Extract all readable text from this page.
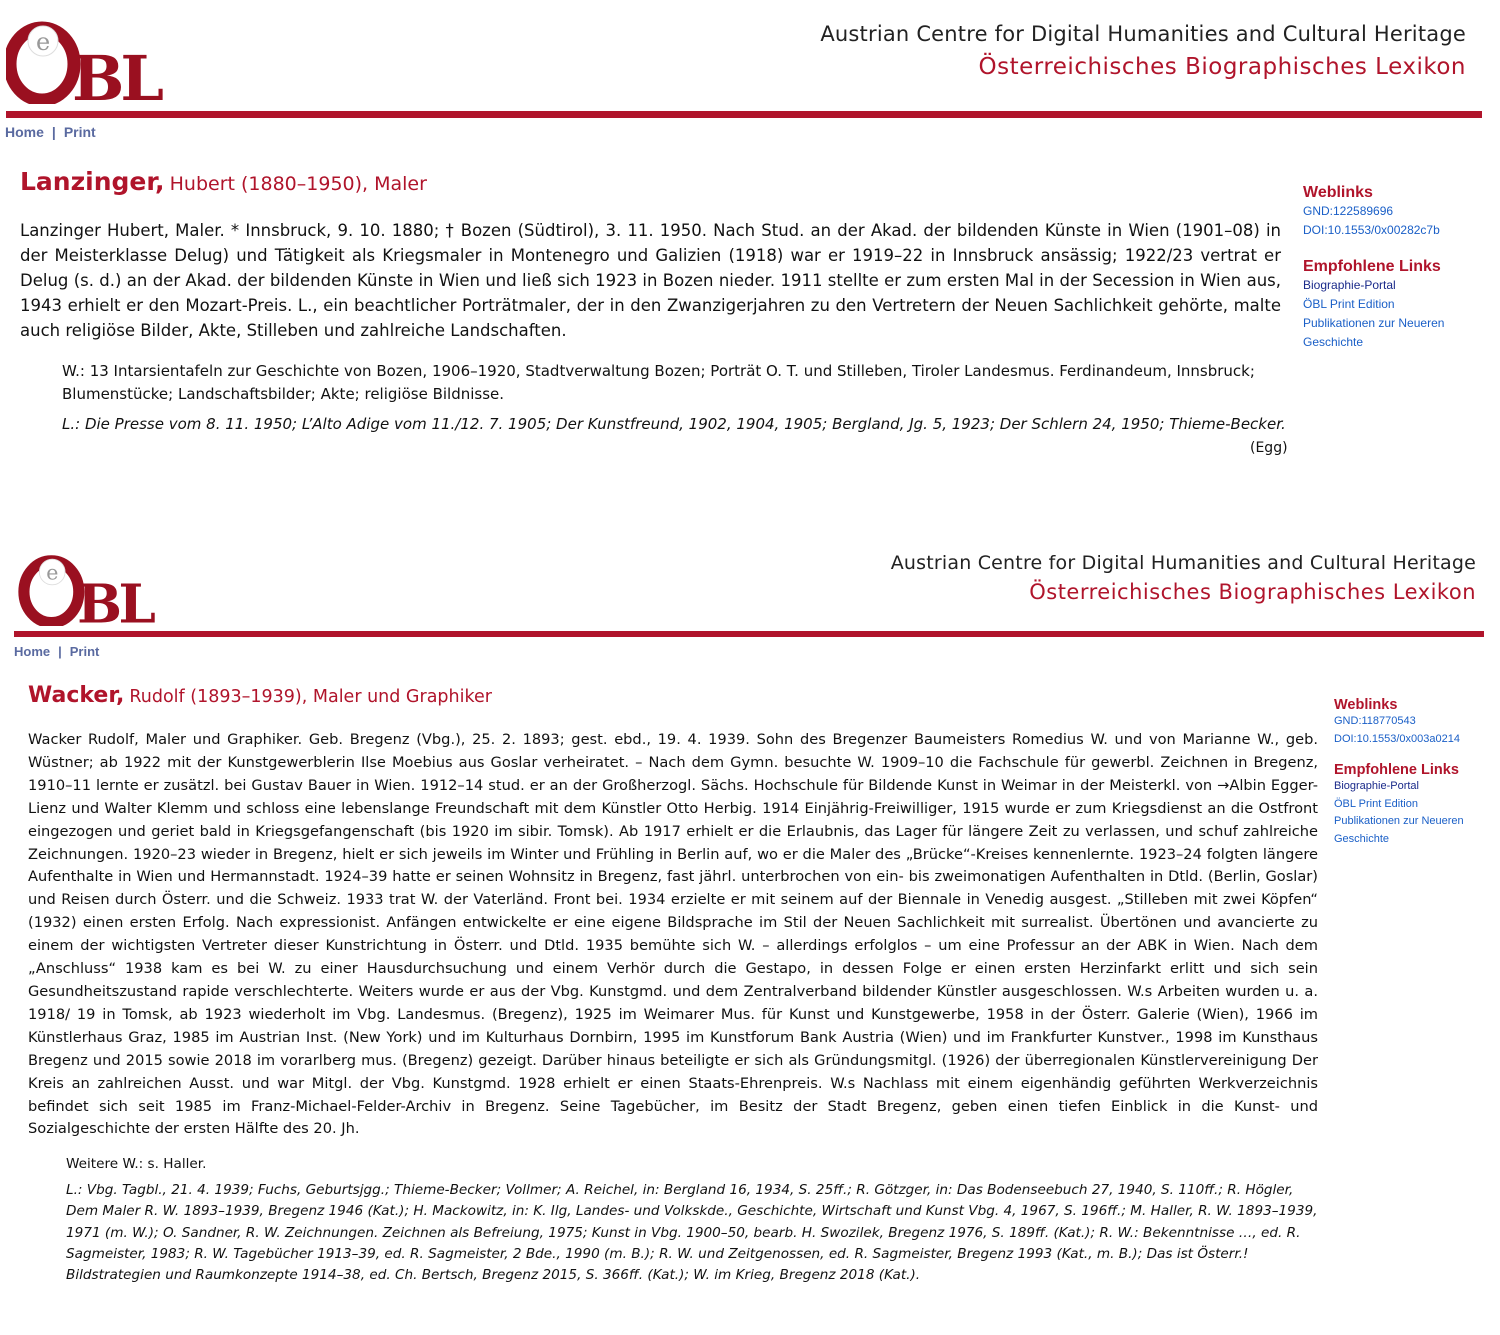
e BL
Austrian Centre for Digital Humanities and Cultural Heritage
Österreichisches Biographisches Lexikon
Home | Print
Lanzinger, Hubert (1880–1950), Maler
Lanzinger Hubert, Maler. * Innsbruck, 9. 10. 1880; † Bozen (Südtirol), 3. 11. 1950. Nach Stud. an der Akad. der bildenden Künste in Wien (1901–08) in der Meisterklasse Delug) und Tätigkeit als Kriegsmaler in Montenegro und Galizien (1918) war er 1919–22 in Innsbruck ansässig; 1922/23 vertrat er Delug (s. d.) an der Akad. der bildenden Künste in Wien und ließ sich 1923 in Bozen nieder. 1911 stellte er zum ersten Mal in der Secession in Wien aus, 1943 erhielt er den Mozart-Preis. L., ein beachtlicher Porträtmaler, der in den Zwanzigerjahren zu den Vertretern der Neuen Sachlichkeit gehörte, malte auch religiöse Bilder, Akte, Stilleben und zahlreiche Landschaften.
W.: 13 Intarsientafeln zur Geschichte von Bozen, 1906–1920, Stadtverwaltung Bozen; Porträt O. T. und Stilleben, Tiroler Landesmus. Ferdinandeum, Innsbruck; Blumenstücke; Landschaftsbilder; Akte; religiöse Bildnisse.
L.: Die Presse vom 8. 11. 1950; L’Alto Adige vom 11./12. 7. 1905; Der Kunstfreund, 1902, 1904, 1905; Bergland, Jg. 5, 1923; Der Schlern 24, 1950; Thieme-Becker.
(Egg)
Weblinks
GND:122589696
DOI:10.1553/0x00282c7b
Empfohlene Links
Biographie-Portal
ÖBL Print Edition
Publikationen zur Neueren Geschichte
e BL
Austrian Centre for Digital Humanities and Cultural Heritage
Österreichisches Biographisches Lexikon
Home | Print
Wacker, Rudolf (1893–1939), Maler und Graphiker
Wacker Rudolf, Maler und Graphiker. Geb. Bregenz (Vbg.), 25. 2. 1893; gest. ebd., 19. 4. 1939. Sohn des Bregenzer Baumeisters Romedius W. und von Marianne W., geb. Wüstner; ab 1922 mit der Kunstgewerblerin Ilse Moebius aus Goslar verheiratet. – Nach dem Gymn. besuchte W. 1909–10 die Fachschule für gewerbl. Zeichnen in Bregenz, 1910–11 lernte er zusätzl. bei Gustav Bauer in Wien. 1912–14 stud. er an der Großherzogl. Sächs. Hochschule für Bildende Kunst in Weimar in der Meisterkl. von →Albin Egger-Lienz und Walter Klemm und schloss eine lebenslange Freundschaft mit dem Künstler Otto Herbig. 1914 Einjährig-Freiwilliger, 1915 wurde er zum Kriegsdienst an die Ostfront eingezogen und geriet bald in Kriegsgefangenschaft (bis 1920 im sibir. Tomsk). Ab 1917 erhielt er die Erlaubnis, das Lager für längere Zeit zu verlassen, und schuf zahlreiche Zeichnungen. 1920–23 wieder in Bregenz, hielt er sich jeweils im Winter und Frühling in Berlin auf, wo er die Maler des „Brücke“-Kreises kennenlernte. 1923–24 folgten längere Aufenthalte in Wien und Hermannstadt. 1924–39 hatte er seinen Wohnsitz in Bregenz, fast jährl. unterbrochen von ein- bis zweimonatigen Aufenthalten in Dtld. (Berlin, Goslar) und Reisen durch Österr. und die Schweiz. 1933 trat W. der Vaterländ. Front bei. 1934 erzielte er mit seinem auf der Biennale in Venedig ausgest. „Stilleben mit zwei Köpfen“ (1932) einen ersten Erfolg. Nach expressionist. Anfängen entwickelte er eine eigene Bildsprache im Stil der Neuen Sachlichkeit mit surrealist. Übertönen und avancierte zu einem der wichtigsten Vertreter dieser Kunstrichtung in Österr. und Dtld. 1935 bemühte sich W. – allerdings erfolglos – um eine Professur an der ABK in Wien. Nach dem „Anschluss“ 1938 kam es bei W. zu einer Hausdurchsuchung und einem Verhör durch die Gestapo, in dessen Folge er einen ersten Herzinfarkt erlitt und sich sein Gesundheitszustand rapide verschlechterte. Weiters wurde er aus der Vbg. Kunstgmd. und dem Zentralverband bildender Künstler ausgeschlossen. W.s Arbeiten wurden u. a. 1918/ 19 in Tomsk, ab 1923 wiederholt im Vbg. Landesmus. (Bregenz), 1925 im Weimarer Mus. für Kunst und Kunstgewerbe, 1958 in der Österr. Galerie (Wien), 1966 im Künstlerhaus Graz, 1985 im Austrian Inst. (New York) und im Kulturhaus Dornbirn, 1995 im Kunstforum Bank Austria (Wien) und im Frankfurter Kunstver., 1998 im Kunsthaus Bregenz und 2015 sowie 2018 im vorarlberg mus. (Bregenz) gezeigt. Darüber hinaus beteiligte er sich als Gründungsmitgl. (1926) der überregionalen Künstlervereinigung Der Kreis an zahlreichen Ausst. und war Mitgl. der Vbg. Kunstgmd. 1928 erhielt er einen Staats-Ehrenpreis. W.s Nachlass mit einem eigenhändig geführten Werkverzeichnis befindet sich seit 1985 im Franz-Michael-Felder-Archiv in Bregenz. Seine Tagebücher, im Besitz der Stadt Bregenz, geben einen tiefen Einblick in die Kunst- und Sozialgeschichte der ersten Hälfte des 20. Jh.
Weitere W.: s. Haller.
L.: Vbg. Tagbl., 21. 4. 1939; Fuchs, Geburtsjgg.; Thieme-Becker; Vollmer; A. Reichel, in: Bergland 16, 1934, S. 25ff.; R. Götzger, in: Das Bodenseebuch 27, 1940, S. 110ff.; R. Högler, Dem Maler R. W. 1893–1939, Bregenz 1946 (Kat.); H. Mackowitz, in: K. Ilg, Landes- und Volkskde., Geschichte, Wirtschaft und Kunst Vbg. 4, 1967, S. 196ff.; M. Haller, R. W. 1893–1939, 1971 (m. W.); O. Sandner, R. W. Zeichnungen. Zeichnen als Befreiung, 1975; Kunst in Vbg. 1900–50, bearb. H. Swozilek, Bregenz 1976, S. 189ff. (Kat.); R. W.: Bekenntnisse …, ed. R. Sagmeister, 1983; R. W. Tagebücher 1913–39, ed. R. Sagmeister, 2 Bde., 1990 (m. B.); R. W. und Zeitgenossen, ed. R. Sagmeister, Bregenz 1993 (Kat., m. B.); Das ist Österr.! Bildstrategien und Raumkonzepte 1914–38, ed. Ch. Bertsch, Bregenz 2015, S. 366ff. (Kat.); W. im Krieg, Bregenz 2018 (Kat.).
Weblinks
GND:118770543
DOI:10.1553/0x003a0214
Empfohlene Links
Biographie-Portal
ÖBL Print Edition
Publikationen zur Neueren Geschichte
